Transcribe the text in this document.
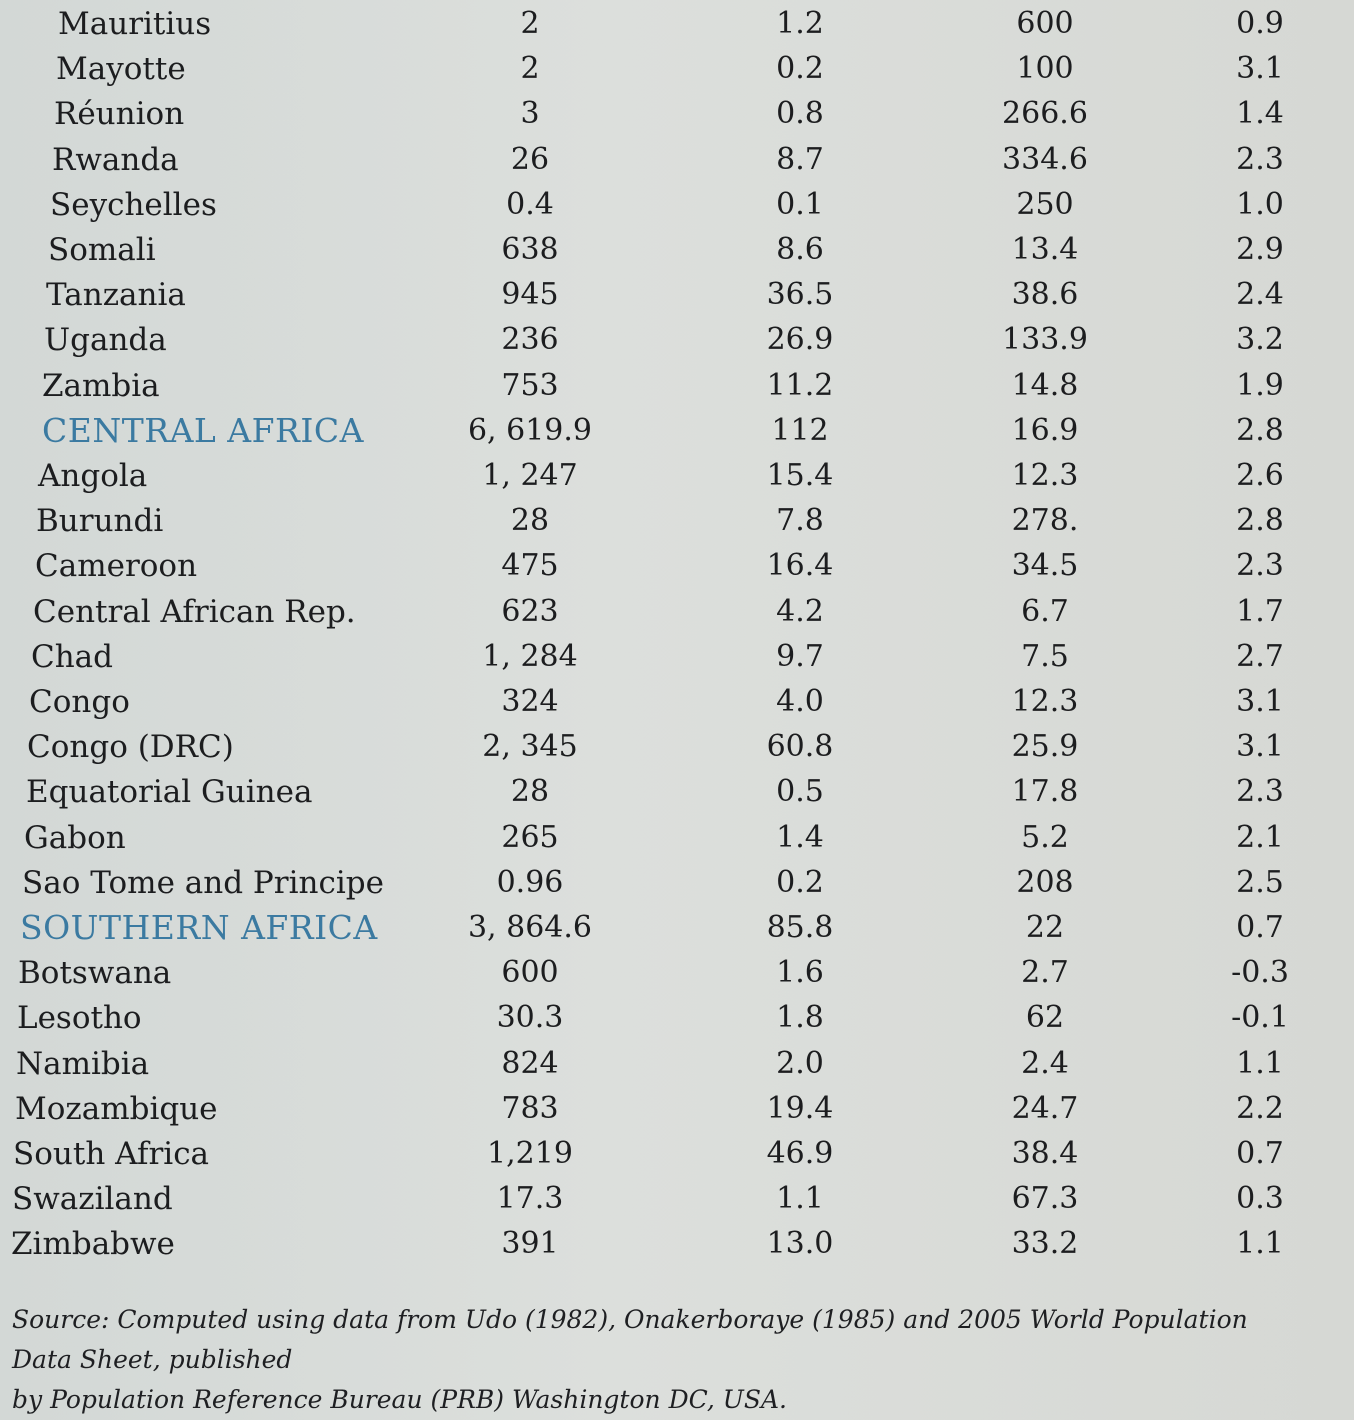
Mauritius	2	1.2	600	0.9
Mayotte	2	0.2	100	3.1
Réunion	3	0.8	266.6	1.4
Rwanda	26	8.7	334.6	2.3
Seychelles	0.4	0.1	250	1.0
Somali	638	8.6	13.4	2.9
Tanzania	945	36.5	38.6	2.4
Uganda	236	26.9	133.9	3.2
Zambia	753	11.2	14.8	1.9
CENTRAL AFRICA	6, 619.9	112	16.9	2.8
Angola	1, 247	15.4	12.3	2.6
Burundi	28	7.8	278.	2.8
Cameroon	475	16.4	34.5	2.3
Central African Rep.	623	4.2	6.7	1.7
Chad	1, 284	9.7	7.5	2.7
Congo	324	4.0	12.3	3.1
Congo (DRC)	2, 345	60.8	25.9	3.1
Equatorial Guinea	28	0.5	17.8	2.3
Gabon	265	1.4	5.2	2.1
Sao Tome and Principe	0.96	0.2	208	2.5
SOUTHERN AFRICA	3, 864.6	85.8	22	0.7
Botswana	600	1.6	2.7	-0.3
Lesotho	30.3	1.8	62	-0.1
Namibia	824	2.0	2.4	1.1
Mozambique	783	19.4	24.7	2.2
South Africa	1,219	46.9	38.4	0.7
Swaziland	17.3	1.1	67.3	0.3
Zimbabwe	391	13.0	33.2	1.1
Source: Computed using data from Udo (1982), Onakerboraye (1985) and 2005 World Population Data Sheet, published
by Population Reference Bureau (PRB) Washington DC, USA.
